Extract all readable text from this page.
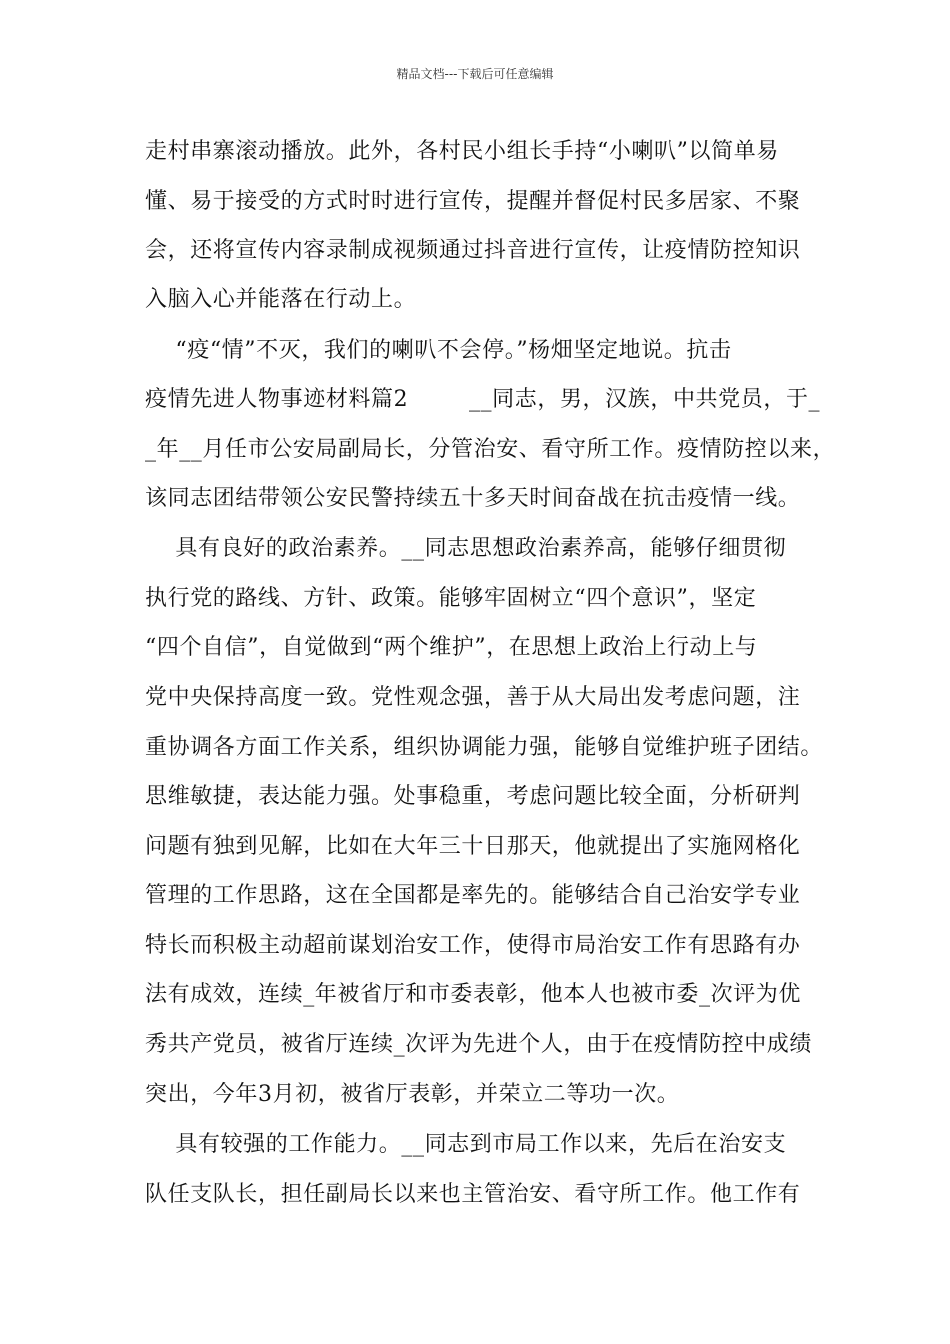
精品文档---下载后可任意编辑
走村串寨滚动播放。此外，各村民小组长手持“小喇叭”以简单易
懂、易于接受的方式时时进行宣传，提醒并督促村民多居家、不聚
会，还将宣传内容录制成视频通过抖音进行宣传，让疫情防控知识
入脑入心并能落在行动上。
“疫“情”不灭，我们的喇叭不会停。”杨畑坚定地说。抗击
疫情先进人物事迹材料篇2        __同志，男，汉族，中共党员，于_
_年__月任市公安局副局长，分管治安、看守所工作。疫情防控以来，
该同志团结带领公安民警持续五十多天时间奋战在抗击疫情一线。
具有良好的政治素养。__同志思想政治素养高，能够仔细贯彻
执行党的路线、方针、政策。能够牢固树立“四个意识”，坚定
“四个自信”，自觉做到“两个维护”，在思想上政治上行动上与
党中央保持高度一致。党性观念强，善于从大局出发考虑问题，注
重协调各方面工作关系，组织协调能力强，能够自觉维护班子团结。
思维敏捷，表达能力强。处事稳重，考虑问题比较全面，分析研判
问题有独到见解，比如在大年三十日那天，他就提出了实施网格化
管理的工作思路，这在全国都是率先的。能够结合自己治安学专业
特长而积极主动超前谋划治安工作，使得市局治安工作有思路有办
法有成效，连续_年被省厅和市委表彰，他本人也被市委_次评为优
秀共产党员，被省厅连续_次评为先进个人，由于在疫情防控中成绩
突出，今年3月初，被省厅表彰，并荣立二等功一次。
具有较强的工作能力。__同志到市局工作以来，先后在治安支
队任支队长，担任副局长以来也主管治安、看守所工作。他工作有
